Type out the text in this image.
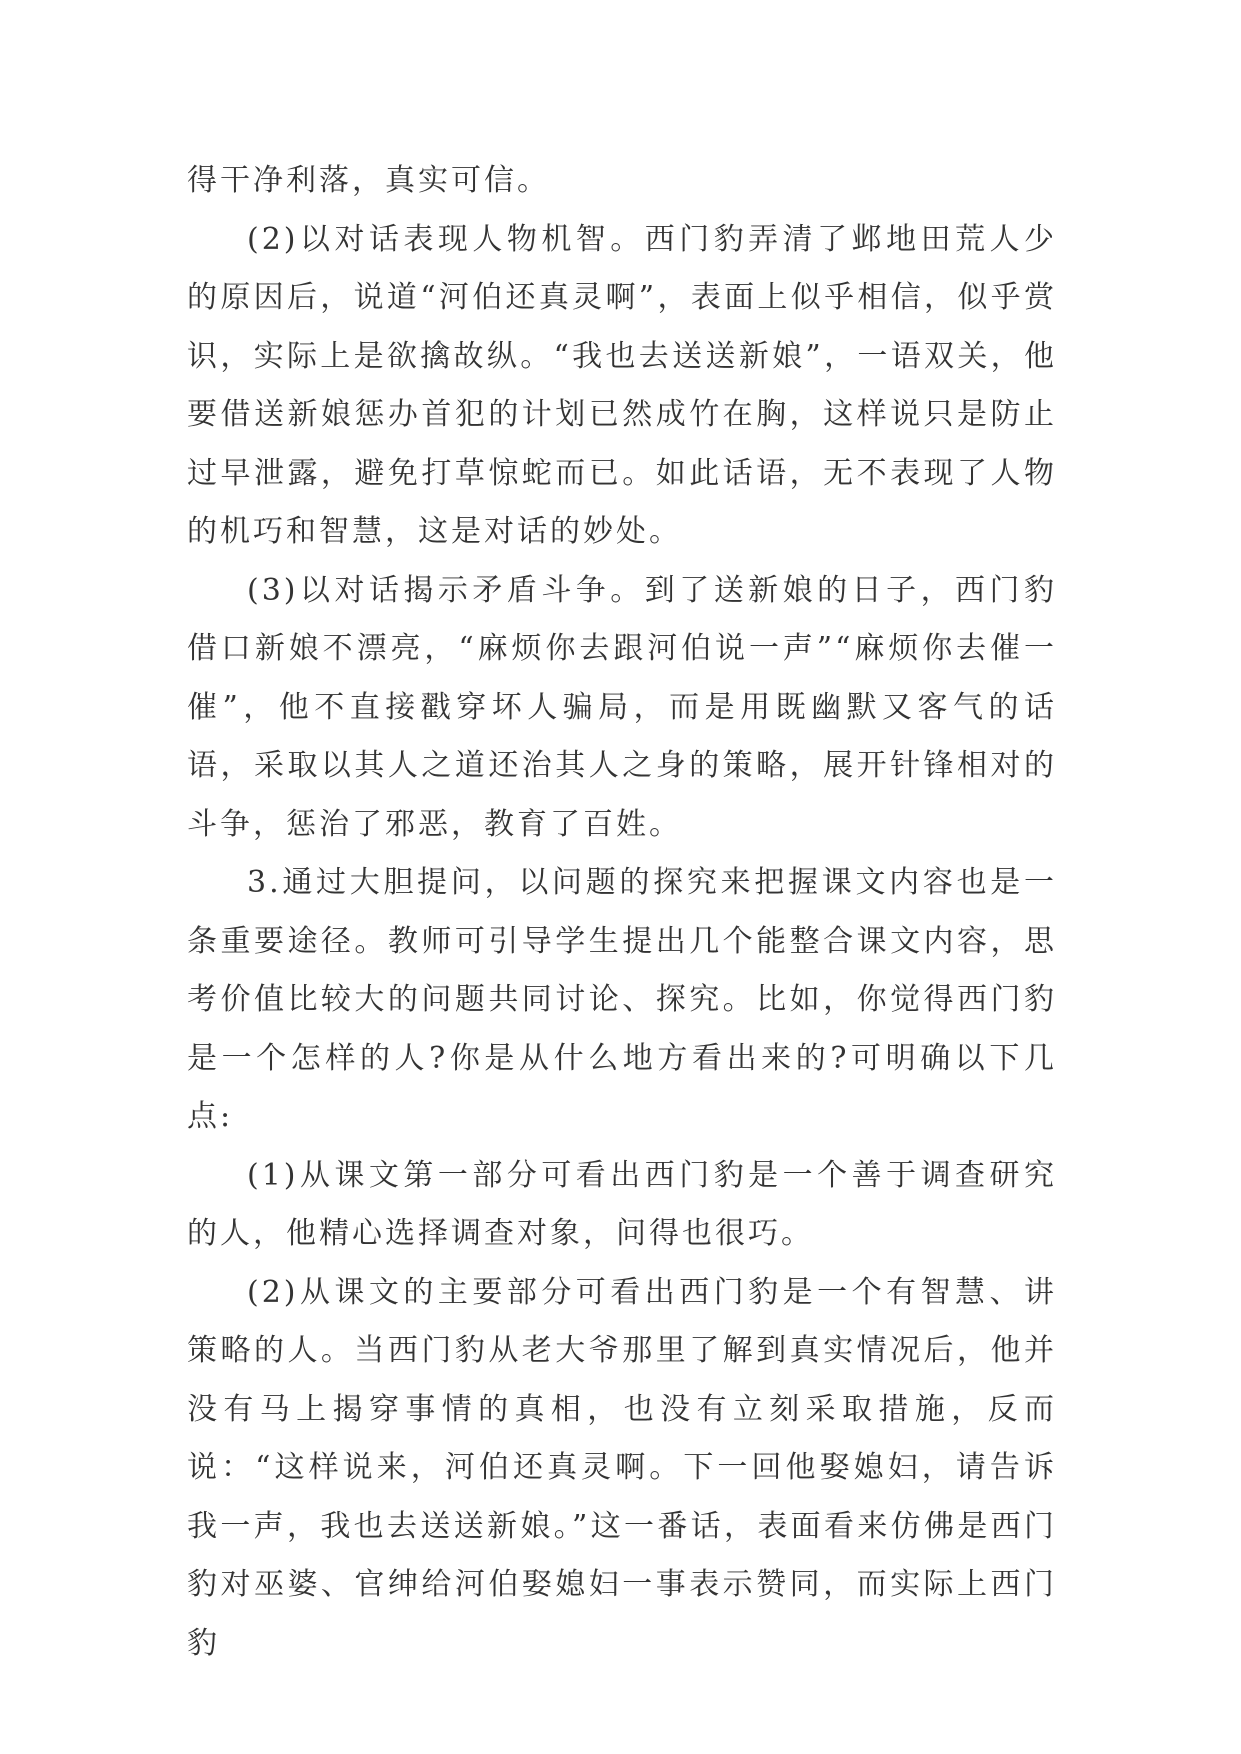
得干净利落，真实可信。

(2)以对话表现人物机智。西门豹弄清了邺地田荒人少的原因后，说道“河伯还真灵啊”，表面上似乎相信，似乎赏识，实际上是欲擒故纵。“我也去送送新娘”，一语双关，他要借送新娘惩办首犯的计划已然成竹在胸，这样说只是防止过早泄露，避免打草惊蛇而已。如此话语，无不表现了人物的机巧和智慧，这是对话的妙处。

(3)以对话揭示矛盾斗争。到了送新娘的日子，西门豹借口新娘不漂亮，“麻烦你去跟河伯说一声”“麻烦你去催一催”，他不直接戳穿坏人骗局，而是用既幽默又客气的话语，采取以其人之道还治其人之身的策略，展开针锋相对的斗争，惩治了邪恶，教育了百姓。

3.通过大胆提问，以问题的探究来把握课文内容也是一条重要途径。教师可引导学生提出几个能整合课文内容，思考价值比较大的问题共同讨论、探究。比如，你觉得西门豹是一个怎样的人?你是从什么地方看出来的?可明确以下几点:

(1)从课文第一部分可看出西门豹是一个善于调查研究的人，他精心选择调查对象，问得也很巧。

(2)从课文的主要部分可看出西门豹是一个有智慧、讲策略的人。当西门豹从老大爷那里了解到真实情况后，他并没有马上揭穿事情的真相，也没有立刻采取措施，反而说：“这样说来，河伯还真灵啊。下一回他娶媳妇，请告诉我一声，我也去送送新娘。”这一番话，表面看来仿佛是西门豹对巫婆、官绅给河伯娶媳妇一事表示赞同，而实际上西门豹
